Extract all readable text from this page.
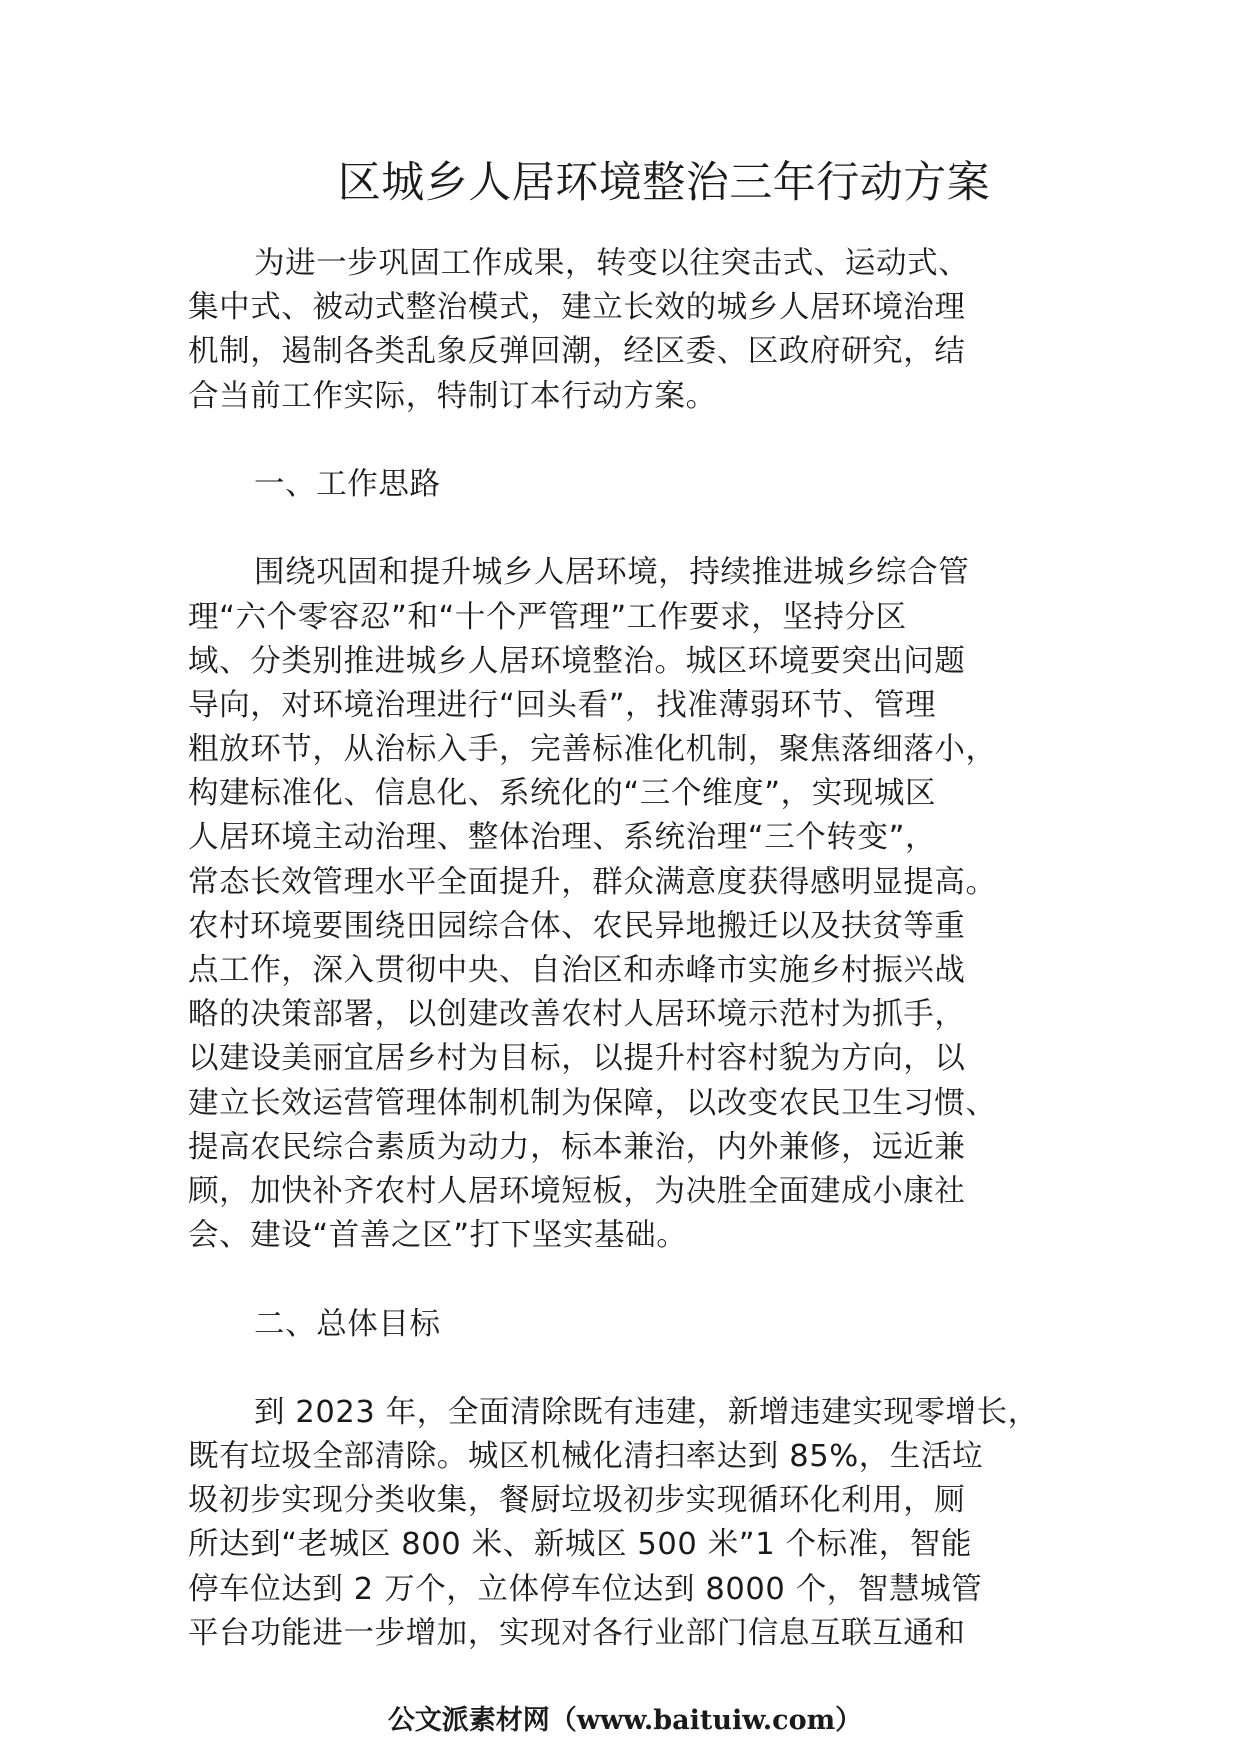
区城乡人居环境整治三年行动方案
为进一步巩固工作成果，转变以往突击式、运动式、
集中式、被动式整治模式，建立长效的城乡人居环境治理
机制，遏制各类乱象反弹回潮，经区委、区政府研究，结
合当前工作实际，特制订本行动方案。
一、工作思路
围绕巩固和提升城乡人居环境，持续推进城乡综合管
理“六个零容忍”和“十个严管理”工作要求，坚持分区
域、分类别推进城乡人居环境整治。城区环境要突出问题
导向，对环境治理进行“回头看”，找准薄弱环节、管理
粗放环节，从治标入手，完善标准化机制，聚焦落细落小，
构建标准化、信息化、系统化的“三个维度”，实现城区
人居环境主动治理、整体治理、系统治理“三个转变”，
常态长效管理水平全面提升，群众满意度获得感明显提高。
农村环境要围绕田园综合体、农民异地搬迁以及扶贫等重
点工作，深入贯彻中央、自治区和赤峰市实施乡村振兴战
略的决策部署，以创建改善农村人居环境示范村为抓手，
以建设美丽宜居乡村为目标，以提升村容村貌为方向，以
建立长效运营管理体制机制为保障，以改变农民卫生习惯、
提高农民综合素质为动力，标本兼治，内外兼修，远近兼
顾，加快补齐农村人居环境短板，为决胜全面建成小康社
会、建设“首善之区”打下坚实基础。
二、总体目标
到 2023 年，全面清除既有违建，新增违建实现零增长，
既有垃圾全部清除。城区机械化清扫率达到 85%，生活垃
圾初步实现分类收集，餐厨垃圾初步实现循环化利用，厕
所达到“老城区 800 米、新城区 500 米”1 个标准，智能
停车位达到 2 万个，立体停车位达到 8000 个，智慧城管
平台功能进一步增加，实现对各行业部门信息互联互通和
公文派素材网（www.baituiw.com）
